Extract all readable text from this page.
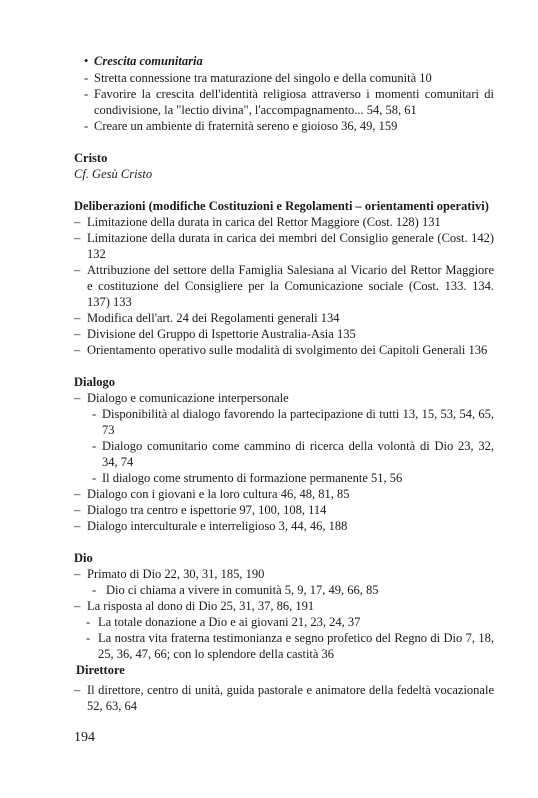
• Crescita comunitaria
- Stretta connessione tra maturazione del singolo e della comunità 10
- Favorire la crescita dell'identità religiosa attraverso i momenti comunitari di condivisione, la "lectio divina", l'accompagnamento... 54, 58, 61
- Creare un ambiente di fraternità sereno e gioioso 36, 49, 159
Cristo
Cf. Gesù Cristo
Deliberazioni (modifiche Costituzioni e Regolamenti – orientamenti operativi)
– Limitazione della durata in carica del Rettor Maggiore (Cost. 128) 131
– Limitazione della durata in carica dei membri del Consiglio generale (Cost. 142) 132
– Attribuzione del settore della Famiglia Salesiana al Vicario del Rettor Maggiore e costituzione del Consigliere per la Comunicazione sociale (Cost. 133. 134. 137) 133
– Modifica dell'art. 24 dei Regolamenti generali 134
– Divisione del Gruppo di Ispettorie Australia-Asia 135
– Orientamento operativo sulle modalità di svolgimento dei Capitoli Generali 136
Dialogo
– Dialogo e comunicazione interpersonale
- Disponibilità al dialogo favorendo la partecipazione di tutti 13, 15, 53, 54, 65, 73
- Dialogo comunitario come cammino di ricerca della volontà di Dio 23, 32, 34, 74
- Il dialogo come strumento di formazione permanente 51, 56
– Dialogo con i giovani e la loro cultura 46, 48, 81, 85
– Dialogo tra centro e ispettorie 97, 100, 108, 114
– Dialogo interculturale e interreligioso 3, 44, 46, 188
Dio
– Primato di Dio 22, 30, 31, 185, 190
- Dio ci chiama a vivere in comunità 5, 9, 17, 49, 66, 85
– La risposta al dono di Dio 25, 31, 37, 86, 191
- La totale donazione a Dio e ai giovani 21, 23, 24, 37
- La nostra vita fraterna testimonianza e segno profetico del Regno di Dio 7, 18, 25, 36, 47, 66; con lo splendore della castità 36
Direttore
– Il direttore, centro di unità, guida pastorale e animatore della fedeltà vocazionale 52, 63, 64
194
